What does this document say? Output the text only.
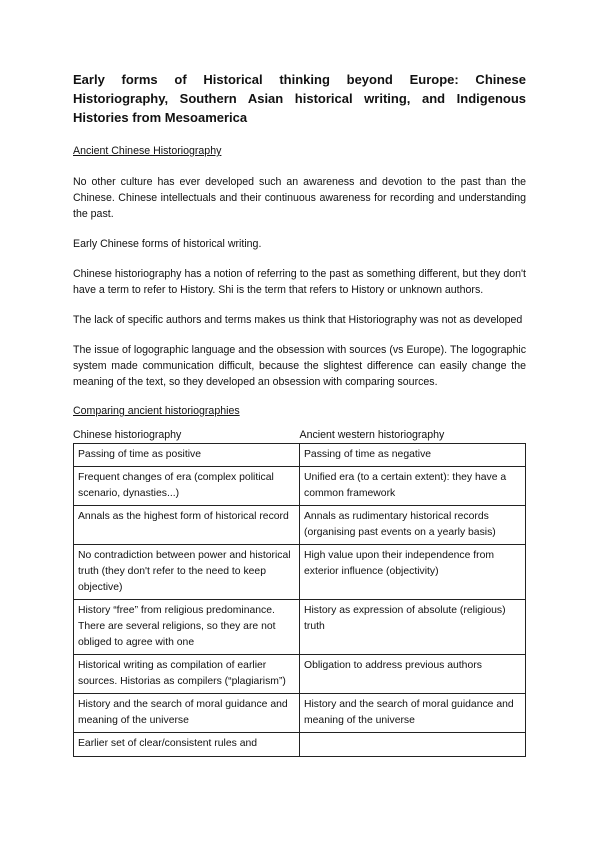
Early forms of Historical thinking beyond Europe: Chinese Historiography, Southern Asian historical writing, and Indigenous Histories from Mesoamerica
Ancient Chinese Historiography

No other culture has ever developed such an awareness and devotion to the past than the Chinese. Chinese intellectuals and their continuous awareness for recording and understanding the past.

Early Chinese forms of historical writing.

Chinese historiography has a notion of referring to the past as something different, but they don't have a term to refer to History. Shi is the term that refers to History or unknown authors.

The lack of specific authors and terms makes us think that Historiography was not as developed

The issue of logographic language and the obsession with sources (vs Europe). The logographic system made communication difficult, because the slightest difference can easily change the meaning of the text, so they developed an obsession with comparing sources.

Comparing ancient historiographies
Chinese historiography	Ancient western historiography
Passing of time as positive	Passing of time as negative
Frequent changes of era (complex political scenario, dynasties...)	Unified era (to a certain extent): they have a common framework
Annals as the highest form of historical record	Annals as rudimentary historical records (organising past events on a yearly basis)
No contradiction between power and historical truth (they don't refer to the need to keep objective)	High value upon their independence from exterior influence (objectivity)
History “free” from religious predominance. There are several religions, so they are not obliged to agree with one	History as expression of absolute (religious) truth
Historical writing as compilation of earlier sources. Historias as compilers (“plagiarism”)	Obligation to address previous authors
History and the search of moral guidance and meaning of the universe	History and the search of moral guidance and meaning of the universe
Earlier set of clear/consistent rules and	
